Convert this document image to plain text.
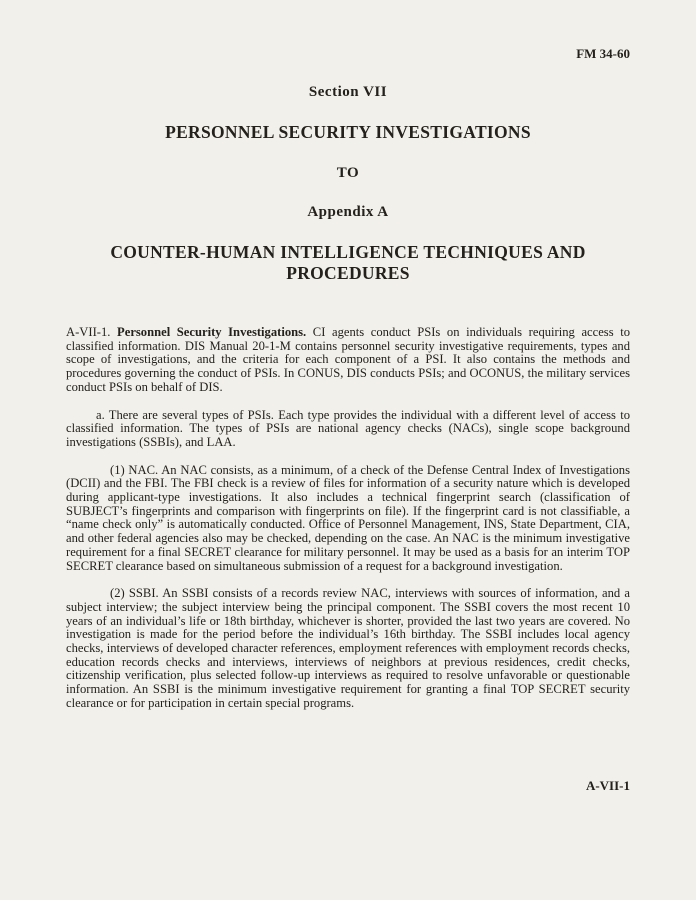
FM 34-60
Section VII
PERSONNEL SECURITY INVESTIGATIONS
TO
Appendix A
COUNTER-HUMAN INTELLIGENCE TECHNIQUES AND PROCEDURES

A-VII-1. Personnel Security Investigations. CI agents conduct PSIs on individuals requiring access to classified information. DIS Manual 20-1-M contains personnel security investigative requirements, types and scope of investigations, and the criteria for each component of a PSI. It also contains the methods and procedures governing the conduct of PSIs. In CONUS, DIS conducts PSIs; and OCONUS, the military services conduct PSIs on behalf of DIS.

a. There are several types of PSIs. Each type provides the individual with a different level of access to classified information. The types of PSIs are national agency checks (NACs), single scope background investigations (SSBIs), and LAA.

(1) NAC. An NAC consists, as a minimum, of a check of the Defense Central Index of Investigations (DCII) and the FBI. The FBI check is a review of files for information of a security nature which is developed during applicant-type investigations. It also includes a technical fingerprint search (classification of SUBJECT’s fingerprints and comparison with fingerprints on file). If the fingerprint card is not classifiable, a “name check only” is automatically conducted. Office of Personnel Management, INS, State Department, CIA, and other federal agencies also may be checked, depending on the case. An NAC is the minimum investigative requirement for a final SECRET clearance for military personnel. It may be used as a basis for an interim TOP SECRET clearance based on simultaneous submission of a request for a background investigation.

(2) SSBI. An SSBI consists of a records review NAC, interviews with sources of information, and a subject interview; the subject interview being the principal component. The SSBI covers the most recent 10 years of an individual’s life or 18th birthday, whichever is shorter, provided the last two years are covered. No investigation is made for the period before the individual’s 16th birthday. The SSBI includes local agency checks, interviews of developed character references, employment references with employment records checks, education records checks and interviews, interviews of neighbors at previous residences, credit checks, citizenship verification, plus selected follow-up interviews as required to resolve unfavorable or questionable information. An SSBI is the minimum investigative requirement for granting a final TOP SECRET security clearance or for participation in certain special programs.

A-VII-1
